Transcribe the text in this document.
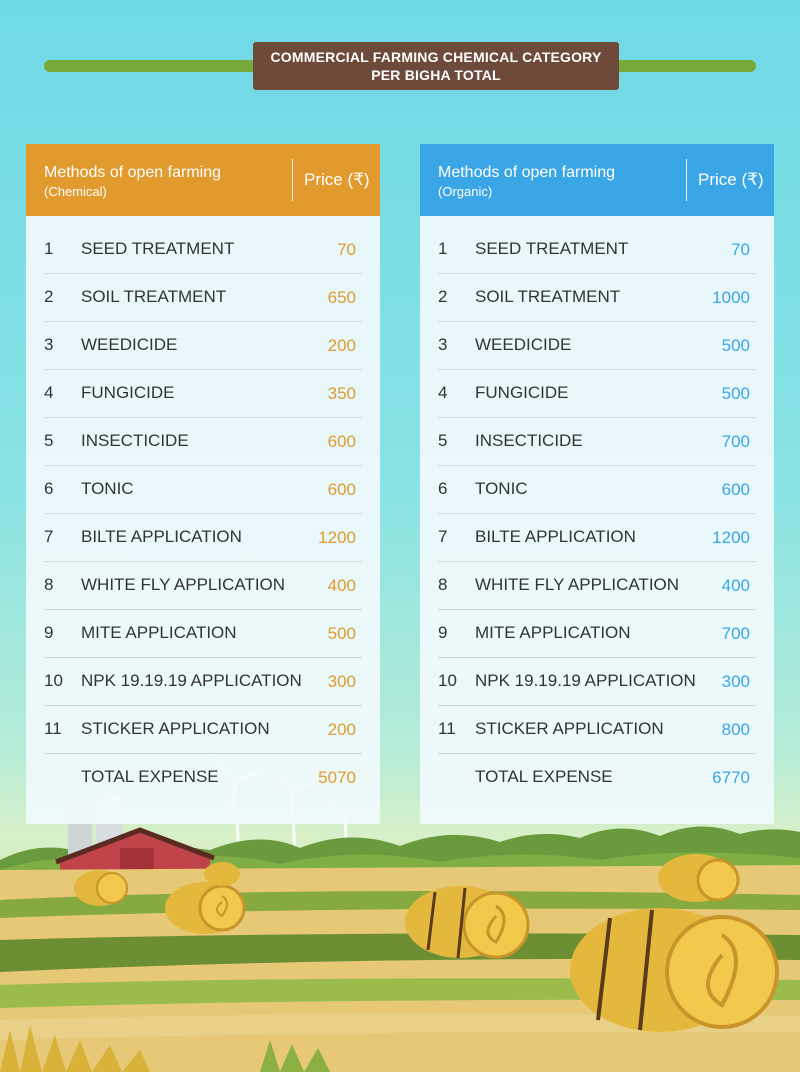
COMMERCIAL FARMING CHEMICAL CATEGORY
PER BIGHA TOTAL
Methods of open farming
(Chemical)
Price (₹)
1	SEED TREATMENT	70
2	SOIL TREATMENT	650
3	WEEDICIDE	200
4	FUNGICIDE	350
5	INSECTICIDE	600
6	TONIC	600
7	BILTE APPLICATION	1200
8	WHITE FLY APPLICATION	400
9	MITE APPLICATION	500
10	NPK 19.19.19 APPLICATION 300
11	STICKER APPLICATION	200
TOTAL EXPENSE	5070
Methods of open farming
(Organic)
Price (₹)
1	SEED TREATMENT	70
2	SOIL TREATMENT	1000
3	WEEDICIDE	500
4	FUNGICIDE	500
5	INSECTICIDE	700
6	TONIC	600
7	BILTE APPLICATION	1200
8	WHITE FLY APPLICATION	400
9	MITE APPLICATION	700
10	NPK 19.19.19 APPLICATION 300
11	STICKER APPLICATION	800
TOTAL EXPENSE	6770
